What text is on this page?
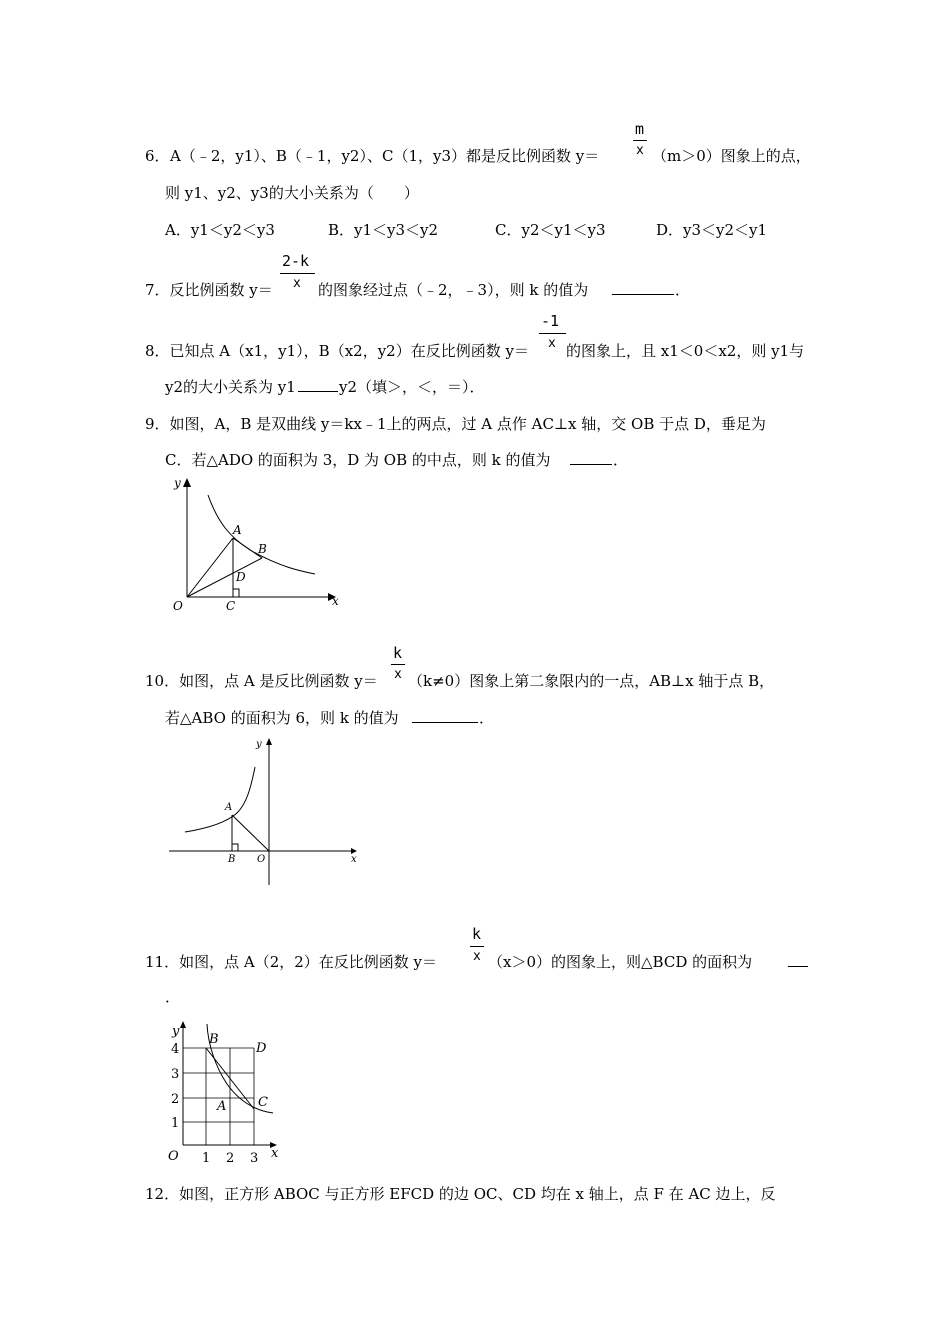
m
x
6． A（﹣2，y1）、B（﹣1，y2）、C（1，y3）都是反比例函数 y＝	（m＞0）图象上的点，
则 y1、y2、y3的大小关系为（　　）
A．y1＜y2＜y3	B．y1＜y3＜y2	C．y2＜y1＜y3	D．y3＜y2＜y1
2-k
x
7．反比例函数 y＝	的图象经过点（﹣2，﹣3），则 k 的值为	．
-1
x
8．已知点 A（x1，y1），B（x2，y2）在反比例函数 y＝ 的图象上，且 x1＜0＜x2，则 y1与
y2的大小关系为 y1	y2（填＞，＜，＝）．
9．如图，A，B 是双曲线 y＝kx﹣1上的两点，过 A 点作 AC⊥x 轴，交 OB 于点 D，垂足为
C．若△ADO 的面积为 3，D 为 OB 的中点，则 k 的值为	．
y
x
O
A
B
C
D
k
x
10．如图，点 A 是反比例函数 y＝ （k≠0）图象上第二象限内的一点，AB⊥x 轴于点 B，
若△ABO 的面积为 6，则 k 的值为	．
y
x
O
A
B
k
x
11．如图，点 A（2，2）在反比例函数 y＝	（x＞0）的图象上，则△BCD 的面积为
．
y
x
O
B
D
C
A
4
3
2
1
1 2 3
12．如图，正方形 ABOC 与正方形 EFCD 的边 OC、CD 均在 x 轴上，点 F 在 AC 边上，反
